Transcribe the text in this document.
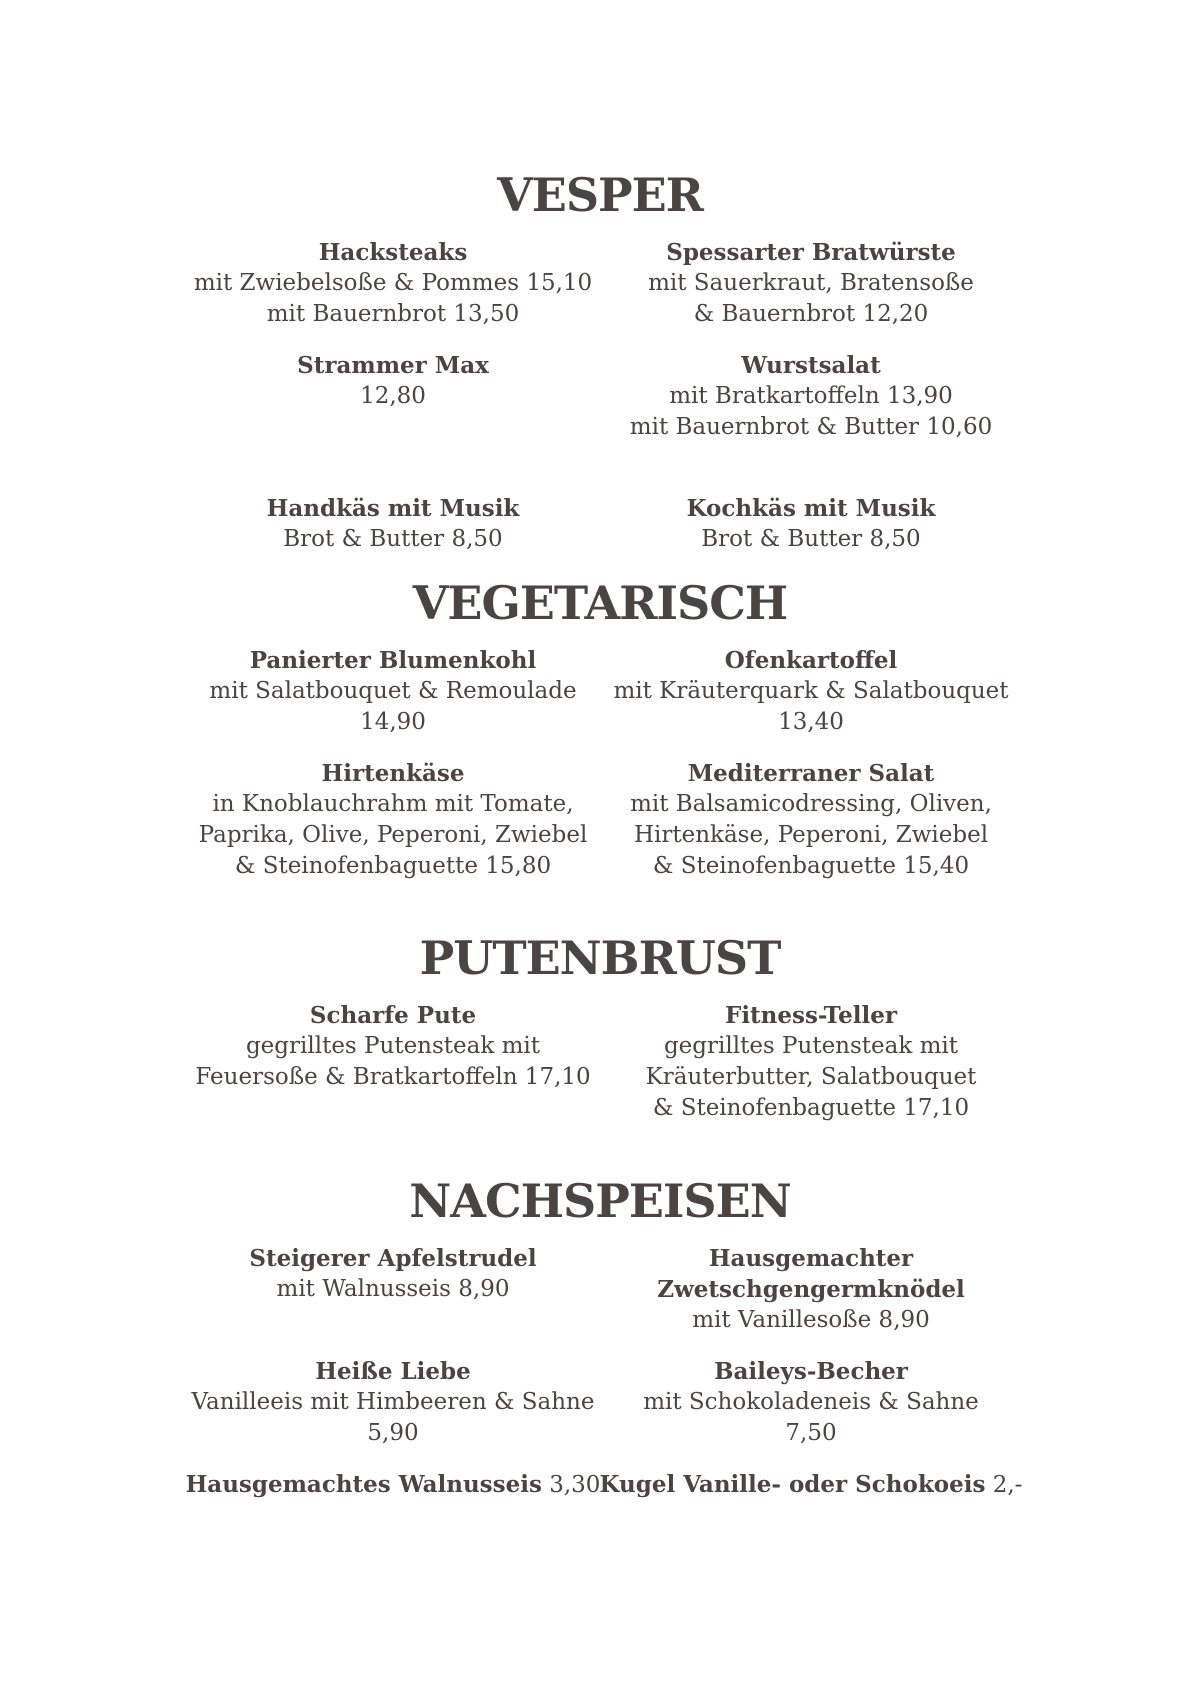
VESPER
Hacksteaks
mit Zwiebelsoße & Pommes 15,10
mit Bauernbrot 13,50
Spessarter Bratwürste
mit Sauerkraut, Bratensoße
& Bauernbrot 12,20
Strammer Max
12,80
Wurstsalat
mit Bratkartoffeln 13,90
mit Bauernbrot & Butter 10,60
Handkäs mit Musik
Brot & Butter 8,50
Kochkäs mit Musik
Brot & Butter 8,50
VEGETARISCH
Panierter Blumenkohl
mit Salatbouquet & Remoulade
14,90
Ofenkartoffel
mit Kräuterquark & Salatbouquet
13,40
Hirtenkäse
in Knoblauchrahm mit Tomate,
Paprika, Olive, Peperoni, Zwiebel
& Steinofenbaguette 15,80
Mediterraner Salat
mit Balsamicodressing, Oliven,
Hirtenkäse, Peperoni, Zwiebel
& Steinofenbaguette 15,40
PUTENBRUST
Scharfe Pute
gegrilltes Putensteak mit
Feuersoße & Bratkartoffeln 17,10
Fitness-Teller
gegrilltes Putensteak mit
Kräuterbutter, Salatbouquet
& Steinofenbaguette 17,10
NACHSPEISEN
Steigerer Apfelstrudel
mit Walnusseis 8,90
Hausgemachter
Zwetschgengermknödel
mit Vanillesoße 8,90
Heiße Liebe
Vanilleeis mit Himbeeren & Sahne
5,90
Baileys-Becher
mit Schokoladeneis & Sahne
7,50
Hausgemachtes Walnusseis 3,30 Kugel Vanille- oder Schokoeis 2,-
